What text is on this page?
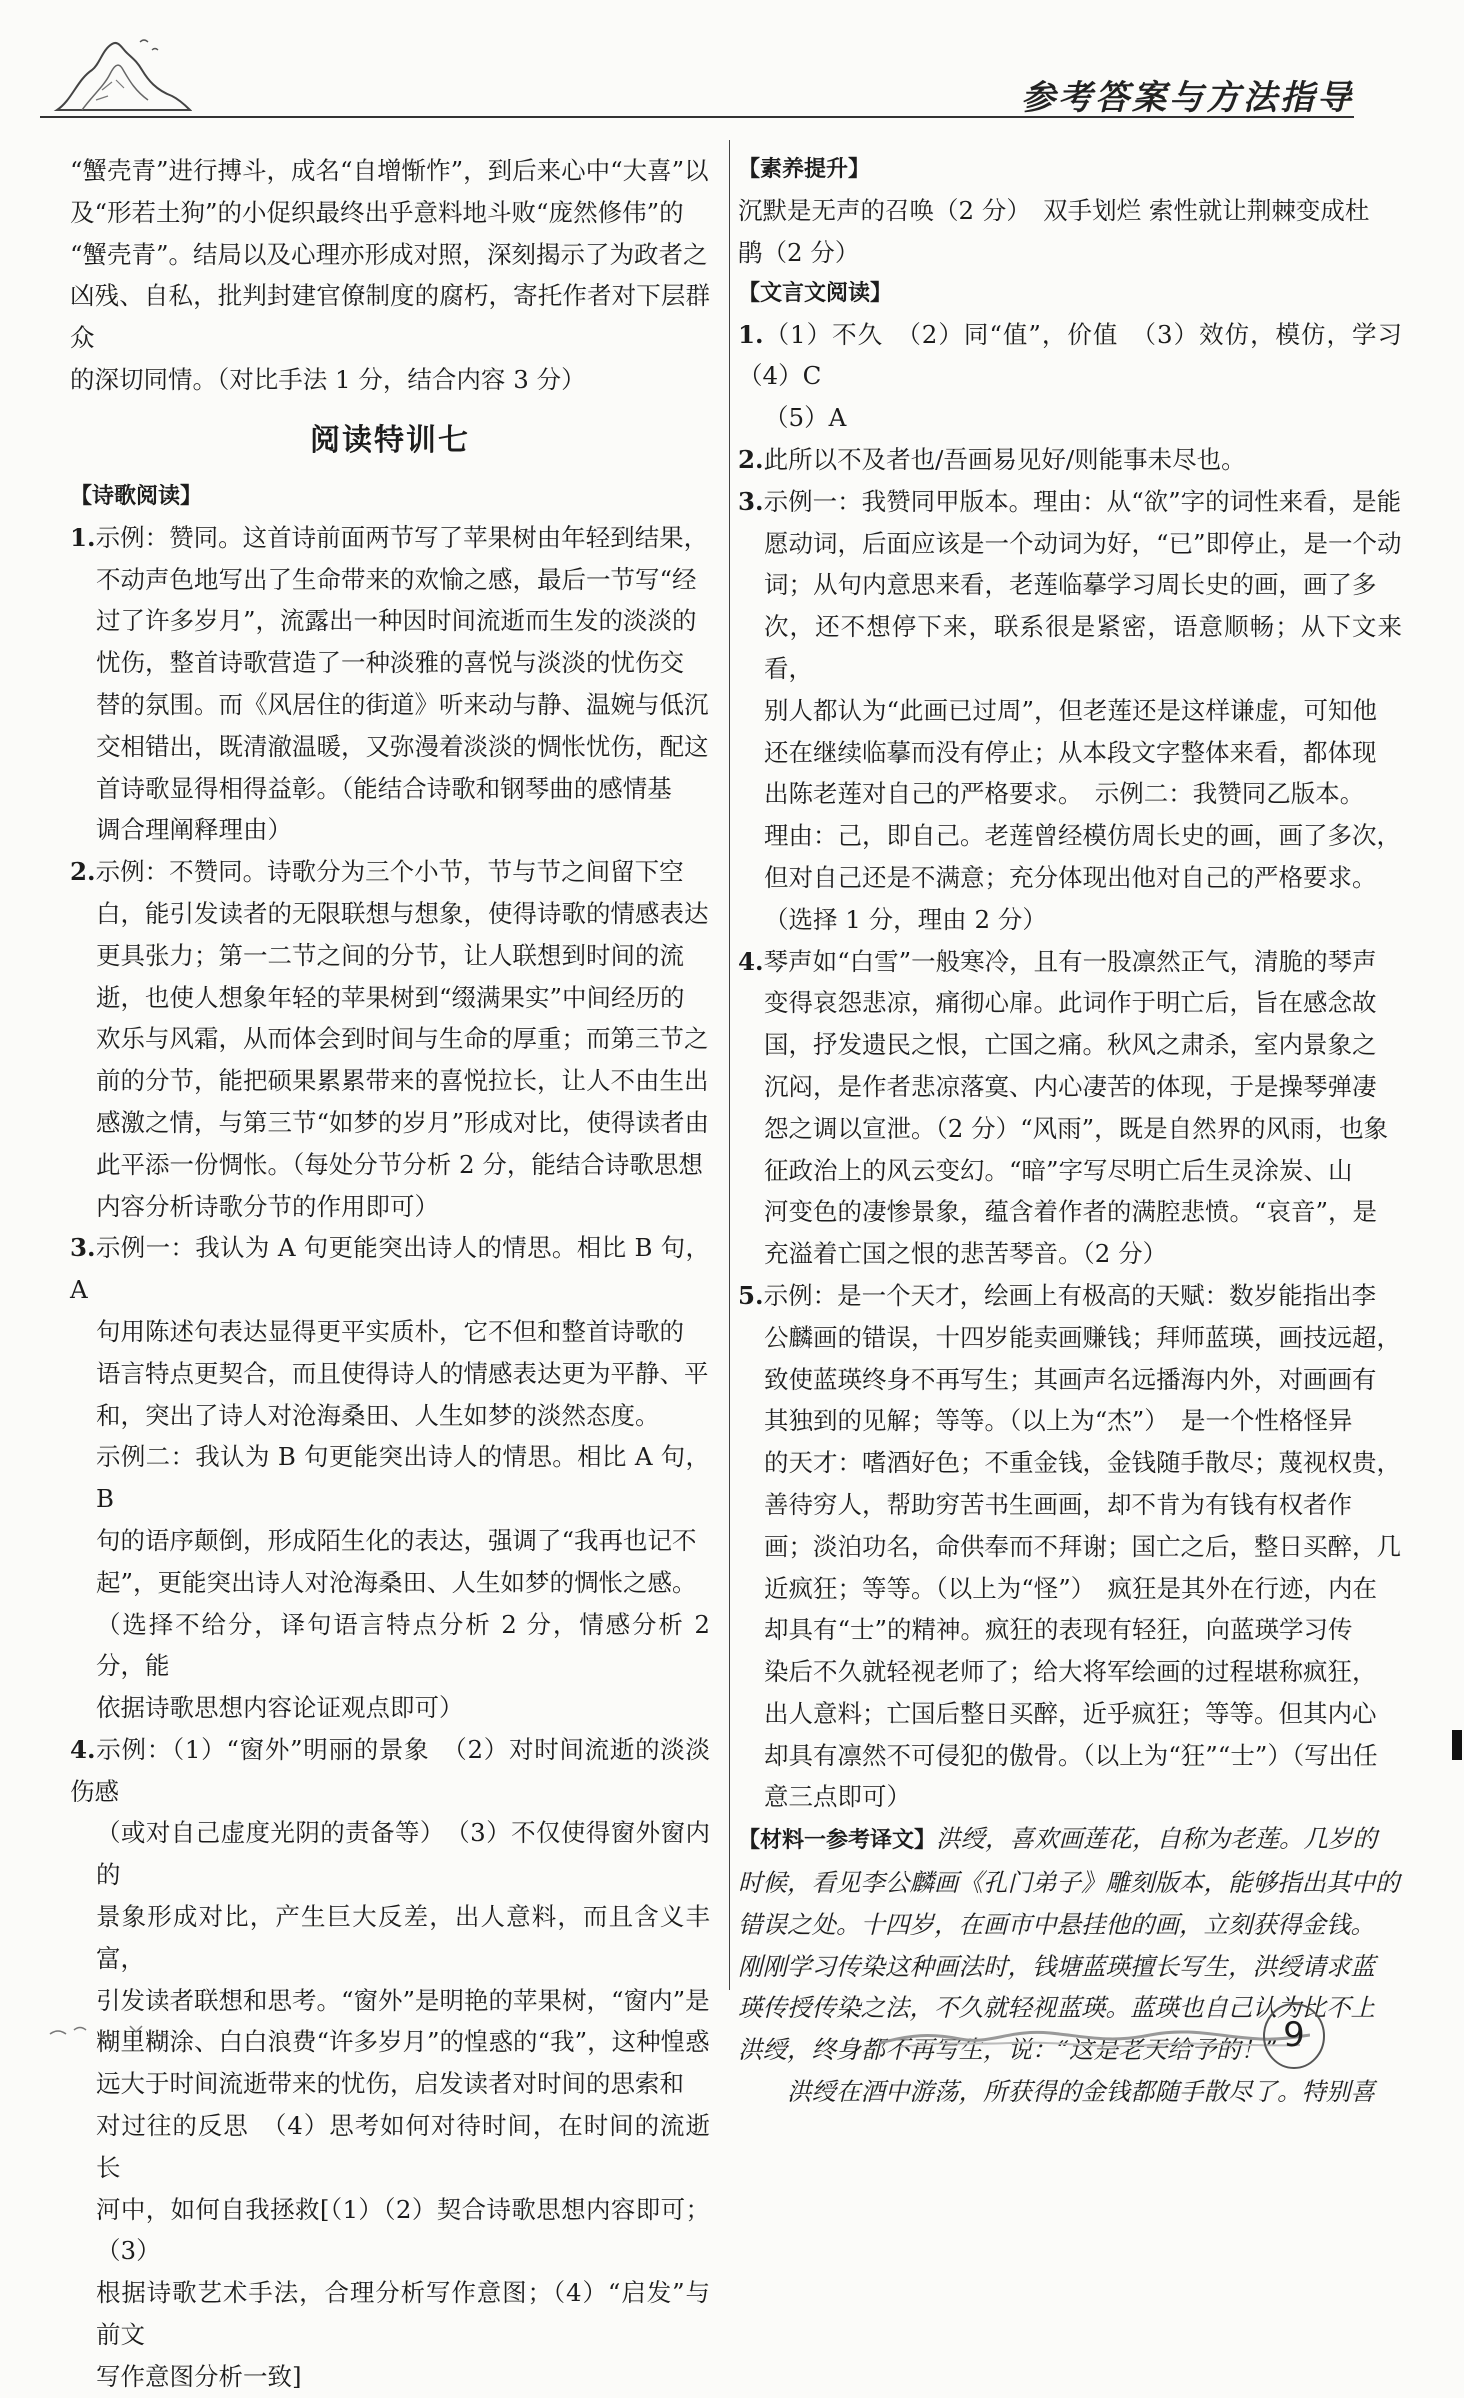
参考答案与方法指导

“蟹壳青”进行搏斗，成名“自增惭怍”，到后来心中“大喜”以

及“形若土狗”的小促织最终出乎意料地斗败“庞然修伟”的

“蟹壳青”。结局以及心理亦形成对照，深刻揭示了为政者之

凶残、自私，批判封建官僚制度的腐朽，寄托作者对下层群众

的深切同情。（对比手法 1 分，结合内容 3 分）

阅读特训七
【诗歌阅读】

1.示例：赞同。这首诗前面两节写了苹果树由年轻到结果，

不动声色地写出了生命带来的欢愉之感，最后一节写“经

过了许多岁月”，流露出一种因时间流逝而生发的淡淡的

忧伤，整首诗歌营造了一种淡雅的喜悦与淡淡的忧伤交

替的氛围。而《风居住的街道》听来动与静、温婉与低沉

交相错出，既清澈温暖，又弥漫着淡淡的惆怅忧伤，配这

首诗歌显得相得益彰。（能结合诗歌和钢琴曲的感情基

调合理阐释理由）

2.示例：不赞同。诗歌分为三个小节，节与节之间留下空

白，能引发读者的无限联想与想象，使得诗歌的情感表达

更具张力；第一二节之间的分节，让人联想到时间的流

逝，也使人想象年轻的苹果树到“缀满果实”中间经历的

欢乐与风霜，从而体会到时间与生命的厚重；而第三节之

前的分节，能把硕果累累带来的喜悦拉长，让人不由生出

感激之情，与第三节“如梦的岁月”形成对比，使得读者由

此平添一份惆怅。（每处分节分析 2 分，能结合诗歌思想

内容分析诗歌分节的作用即可）

3.示例一：我认为 A 句更能突出诗人的情思。相比 B 句，A

句用陈述句表达显得更平实质朴，它不但和整首诗歌的

语言特点更契合，而且使得诗人的情感表达更为平静、平

和，突出了诗人对沧海桑田、人生如梦的淡然态度。

示例二：我认为 B 句更能突出诗人的情思。相比 A 句，B

句的语序颠倒，形成陌生化的表达，强调了“我再也记不

起”，更能突出诗人对沧海桑田、人生如梦的惆怅之感。

（选择不给分，译句语言特点分析 2 分，情感分析 2 分，能

依据诗歌思想内容论证观点即可）

4.示例：（1）“窗外”明丽的景象　（2）对时间流逝的淡淡伤感

（或对自己虚度光阴的责备等）　（3）不仅使得窗外窗内的

景象形成对比，产生巨大反差，出人意料，而且含义丰富，

引发读者联想和思考。“窗外”是明艳的苹果树，“窗内”是

糊里糊涂、白白浪费“许多岁月”的惶惑的“我”，这种惶惑

远大于时间流逝带来的忧伤，启发读者对时间的思索和

对过往的反思　（4）思考如何对待时间，在时间的流逝长

河中，如何自我拯救[（1）（2）契合诗歌思想内容即可；（3）

根据诗歌艺术手法，合理分析写作意图；（4）“启发”与前文

写作意图分析一致]

【素养提升】

沉默是无声的召唤（2 分）　双手划烂 索性就让荆棘变成杜

鹃（2 分）

【文言文阅读】

1.（1）不久　（2）同“值”，价值　（3）效仿，模仿，学习　（4）C

（5）A

2.此所以不及者也/吾画易见好/则能事未尽也。

3.示例一：我赞同甲版本。理由：从“欲”字的词性来看，是能

愿动词，后面应该是一个动词为好，“已”即停止，是一个动

词；从句内意思来看，老莲临摹学习周长史的画，画了多

次，还不想停下来，联系很是紧密，语意顺畅；从下文来看，

别人都认为“此画已过周”，但老莲还是这样谦虚，可知他

还在继续临摹而没有停止；从本段文字整体来看，都体现

出陈老莲对自己的严格要求。　示例二：我赞同乙版本。

理由：己，即自己。老莲曾经模仿周长史的画，画了多次，

但对自己还是不满意；充分体现出他对自己的严格要求。

（选择 1 分，理由 2 分）

4.琴声如“白雪”一般寒冷，且有一股凛然正气，清脆的琴声

变得哀怨悲凉，痛彻心扉。此词作于明亡后，旨在感念故

国，抒发遗民之恨，亡国之痛。秋风之肃杀，室内景象之

沉闷，是作者悲凉落寞、内心凄苦的体现，于是操琴弹凄

怨之调以宣泄。（2 分）“风雨”，既是自然界的风雨，也象

征政治上的风云变幻。“暗”字写尽明亡后生灵涂炭、山

河变色的凄惨景象，蕴含着作者的满腔悲愤。“哀音”，是

充溢着亡国之恨的悲苦琴音。（2 分）

5.示例：是一个天才，绘画上有极高的天赋：数岁能指出李

公麟画的错误，十四岁能卖画赚钱；拜师蓝瑛，画技远超，

致使蓝瑛终身不再写生；其画声名远播海内外，对画画有

其独到的见解；等等。（以上为“杰”）　是一个性格怪异

的天才：嗜酒好色；不重金钱，金钱随手散尽；蔑视权贵，

善待穷人，帮助穷苦书生画画，却不肯为有钱有权者作

画；淡泊功名，命供奉而不拜谢；国亡之后，整日买醉，几

近疯狂；等等。（以上为“怪”）　疯狂是其外在行迹，内在

却具有“士”的精神。疯狂的表现有轻狂，向蓝瑛学习传

染后不久就轻视老师了；给大将军绘画的过程堪称疯狂，

出人意料；亡国后整日买醉，近乎疯狂；等等。但其内心

却具有凛然不可侵犯的傲骨。（以上为“狂”“士”）（写出任

意三点即可）

【材料一参考译文】洪绶，喜欢画莲花，自称为老莲。几岁的

时候，看见李公麟画《孔门弟子》雕刻版本，能够指出其中的

错误之处。十四岁，在画市中悬挂他的画，立刻获得金钱。

刚刚学习传染这种画法时，钱塘蓝瑛擅长写生，洪绶请求蓝

瑛传授传染之法，不久就轻视蓝瑛。蓝瑛也自己认为比不上

洪绶，终身都不再写生，说：“这是老天给予的！”

洪绶在酒中游荡，所获得的金钱都随手散尽了。特别喜

9
